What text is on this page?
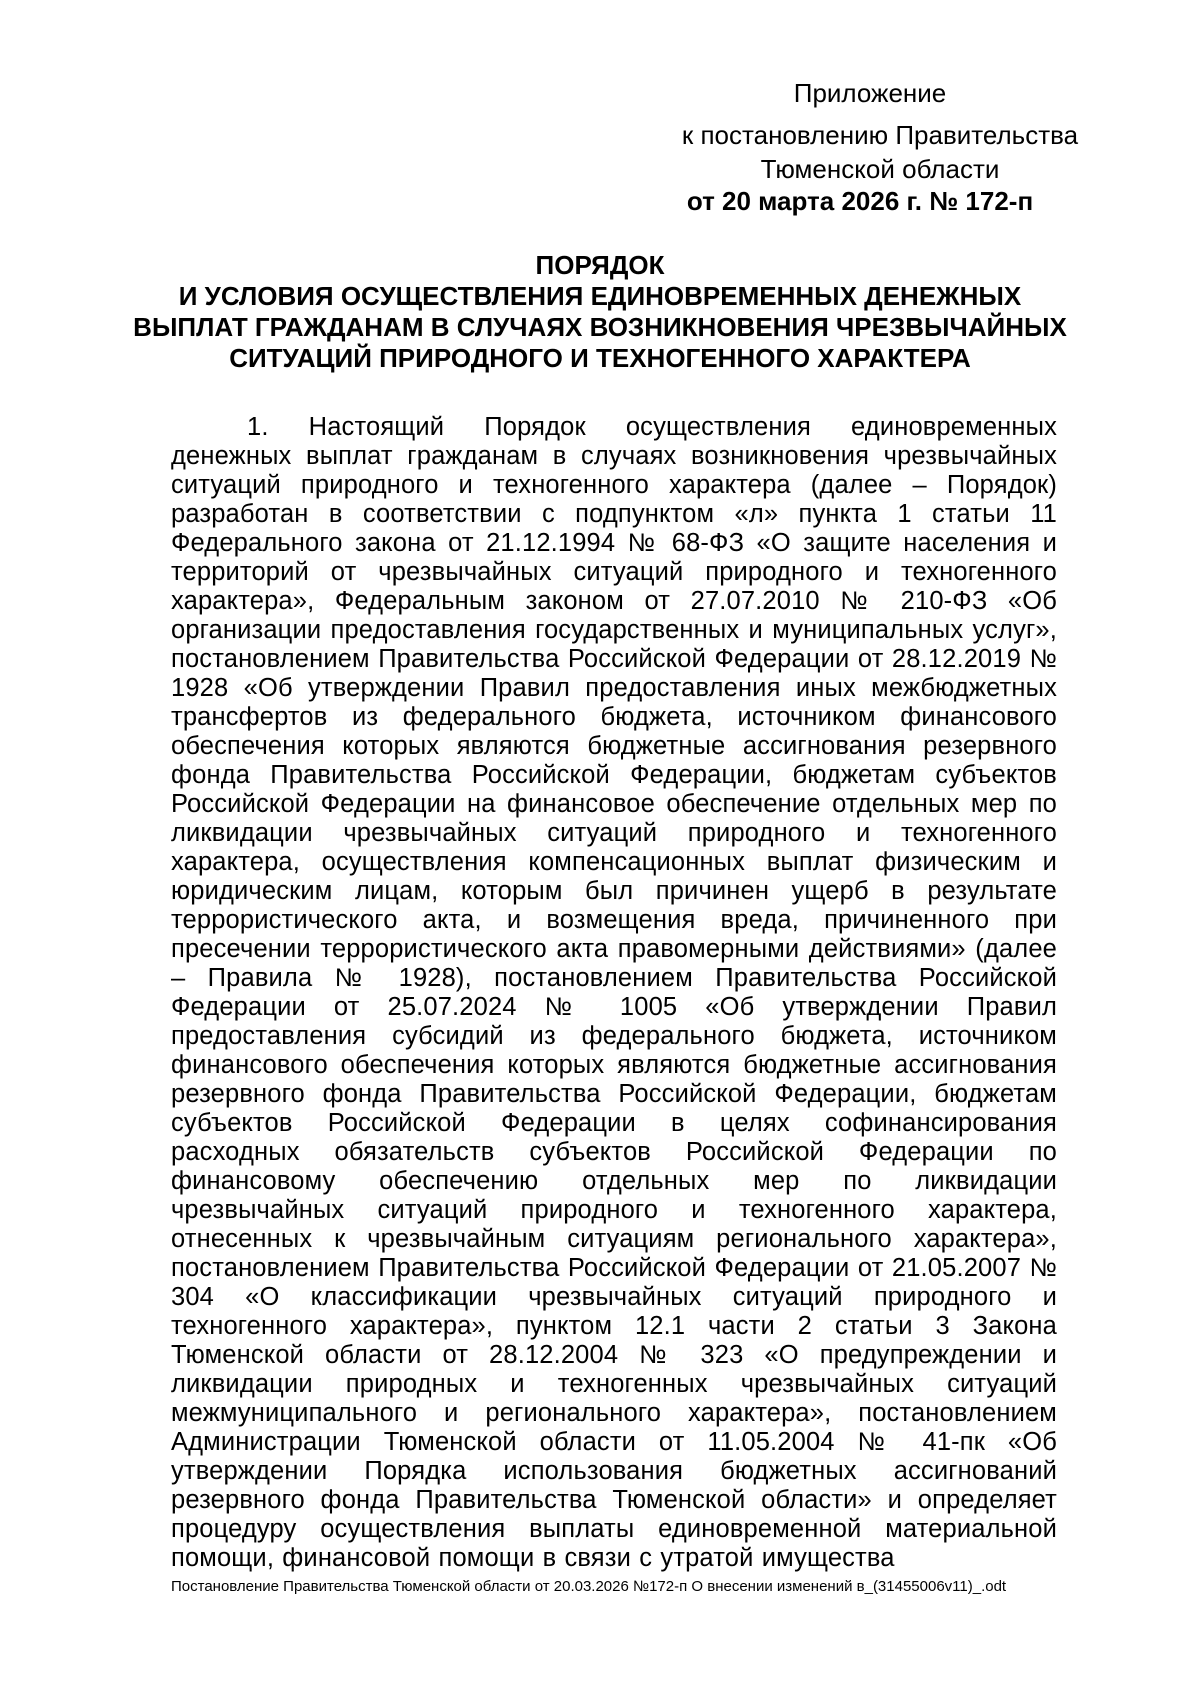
Приложение
к постановлению Правительства
Тюменской области
от 20 марта 2026 г. № 172-п
ПОРЯДОК
И УСЛОВИЯ ОСУЩЕСТВЛЕНИЯ ЕДИНОВРЕМЕННЫХ ДЕНЕЖНЫХ
ВЫПЛАТ ГРАЖДАНАМ В СЛУЧАЯХ ВОЗНИКНОВЕНИЯ ЧРЕЗВЫЧАЙНЫХ
СИТУАЦИЙ ПРИРОДНОГО И ТЕХНОГЕННОГО ХАРАКТЕРА

1. Настоящий Порядок осуществления единовременных денежных выплат гражданам в случаях возникновения чрезвычайных ситуаций природного и техногенного характера (далее – Порядок) разработан в соответствии с подпунктом «л» пункта 1 статьи 11 Федерального закона от 21.12.1994 № 68-ФЗ «О защите населения и территорий от чрезвычайных ситуаций природного и техногенного характера», Федеральным законом от 27.07.2010 № 210-ФЗ «Об организации предоставления государственных и муниципальных услуг», постановлением Правительства Российской Федерации от 28.12.2019 № 1928 «Об утверждении Правил предоставления иных межбюджетных трансфертов из федерального бюджета, источником финансового обеспечения которых являются бюджетные ассигнования резервного фонда Правительства Российской Федерации, бюджетам субъектов Российской Федерации на финансовое обеспечение отдельных мер по ликвидации чрезвычайных ситуаций природного и техногенного характера, осуществления компенсационных выплат физическим и юридическим лицам, которым был причинен ущерб в результате террористического акта, и возмещения вреда, причиненного при пресечении террористического акта правомерными действиями» (далее – Правила № 1928), постановлением Правительства Российской Федерации от 25.07.2024 № 1005 «Об утверждении Правил предоставления субсидий из федерального бюджета, источником финансового обеспечения которых являются бюджетные ассигнования резервного фонда Правительства Российской Федерации, бюджетам субъектов Российской Федерации в целях софинансирования расходных обязательств субъектов Российской Федерации по финансовому обеспечению отдельных мер по ликвидации чрезвычайных ситуаций природного и техногенного характера, отнесенных к чрезвычайным ситуациям регионального характера», постановлением Правительства Российской Федерации от 21.05.2007 № 304 «О классификации чрезвычайных ситуаций природного и техногенного характера», пунктом 12.1 части 2 статьи 3 Закона Тюменской области от 28.12.2004 № 323 «О предупреждении и ликвидации природных и техногенных чрезвычайных ситуаций межмуниципального и регионального характера», постановлением Администрации Тюменской области от 11.05.2004 № 41-пк «Об утверждении Порядка использования бюджетных ассигнований резервного фонда Правительства Тюменской области» и определяет процедуру осуществления выплаты единовременной материальной помощи, финансовой помощи в связи с утратой имущества

Постановление Правительства Тюменской области от 20.03.2026 №172-п О внесении изменений в_(31455006v11)_.odt
